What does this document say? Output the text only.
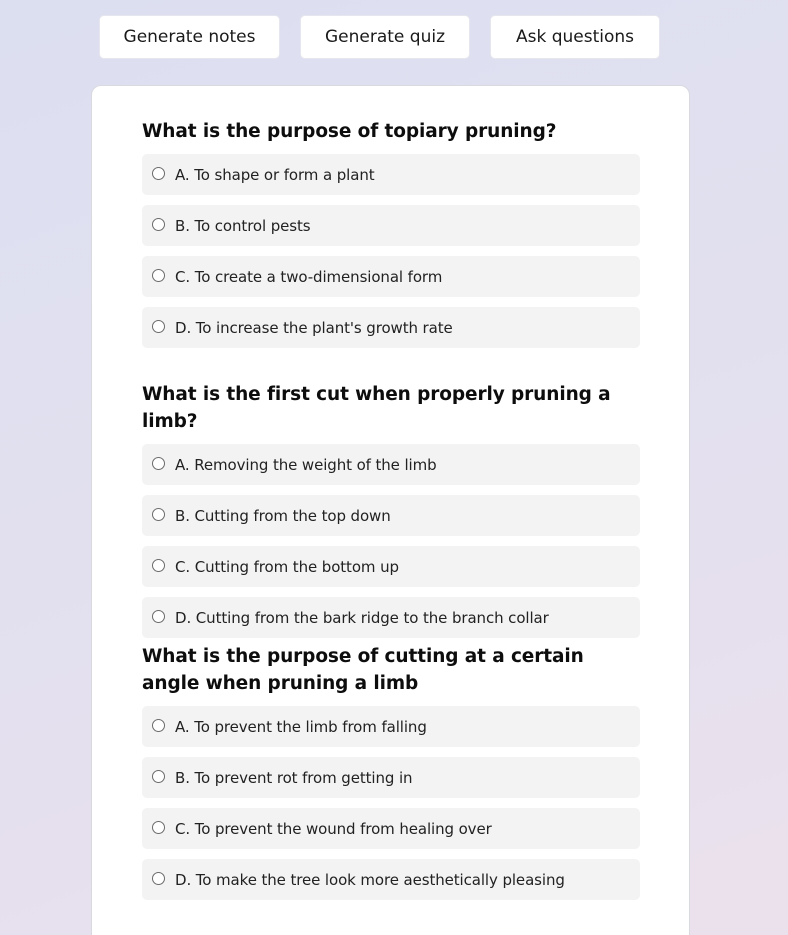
Generate notes	Generate quiz	Ask questions
What is the purpose of topiary pruning?
A. To shape or form a plant
B. To control pests
C. To create a two-dimensional form
D. To increase the plant's growth rate
What is the first cut when properly pruning a limb?
A. Removing the weight of the limb
B. Cutting from the top down
C. Cutting from the bottom up
D. Cutting from the bark ridge to the branch collar
What is the purpose of cutting at a certain angle when pruning a limb
A. To prevent the limb from falling
B. To prevent rot from getting in
C. To prevent the wound from healing over
D. To make the tree look more aesthetically pleasing
